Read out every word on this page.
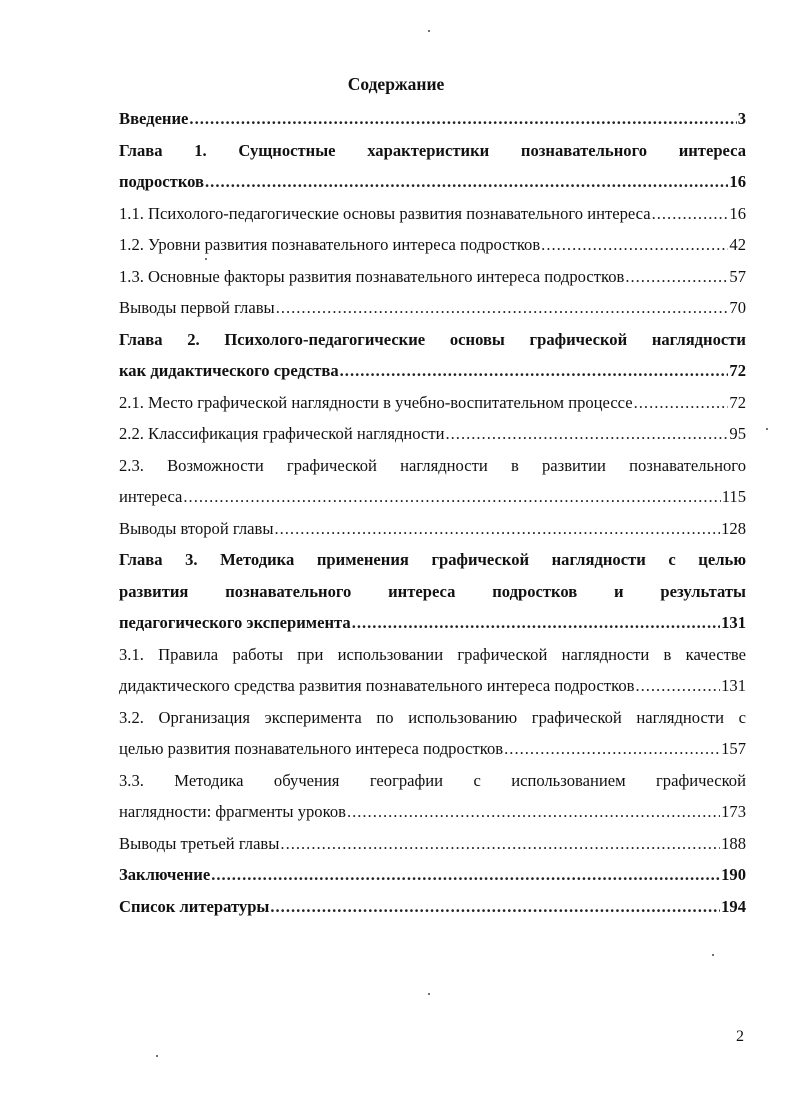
Содержание
Введение .....	3
Глава 1. Сущностные характеристики познавательного интереса
подростков .....	16
1.1. Психолого-педагогические основы развития познавательного интереса .....	16
1.2. Уровни развития познавательного интереса подростков .....	42
1.3. Основные факторы развития познавательного интереса подростков .....	57
Выводы первой главы .....	70
Глава 2. Психолого-педагогические основы графической наглядности
как дидактического средства .....	72
2.1. Место графической наглядности в учебно-воспитательном процессе .....	72
2.2. Классификация графической наглядности .....	95
2.3. Возможности графической наглядности в развитии познавательного
интереса .....	115
Выводы второй главы .....	128
Глава 3. Методика применения графической наглядности с целью
развития познавательного интереса подростков и результаты
педагогического эксперимента .....	131
3.1. Правила работы при использовании графической наглядности в качестве
дидактического средства развития познавательного интереса подростков .....	131
3.2. Организация эксперимента по использованию графической наглядности с
целью развития познавательного интереса подростков .....	157
3.3. Методика обучения географии с использованием графической
наглядности: фрагменты уроков .....	173
Выводы третьей главы .....	188
Заключение .....	190
Список литературы .....	194
2
